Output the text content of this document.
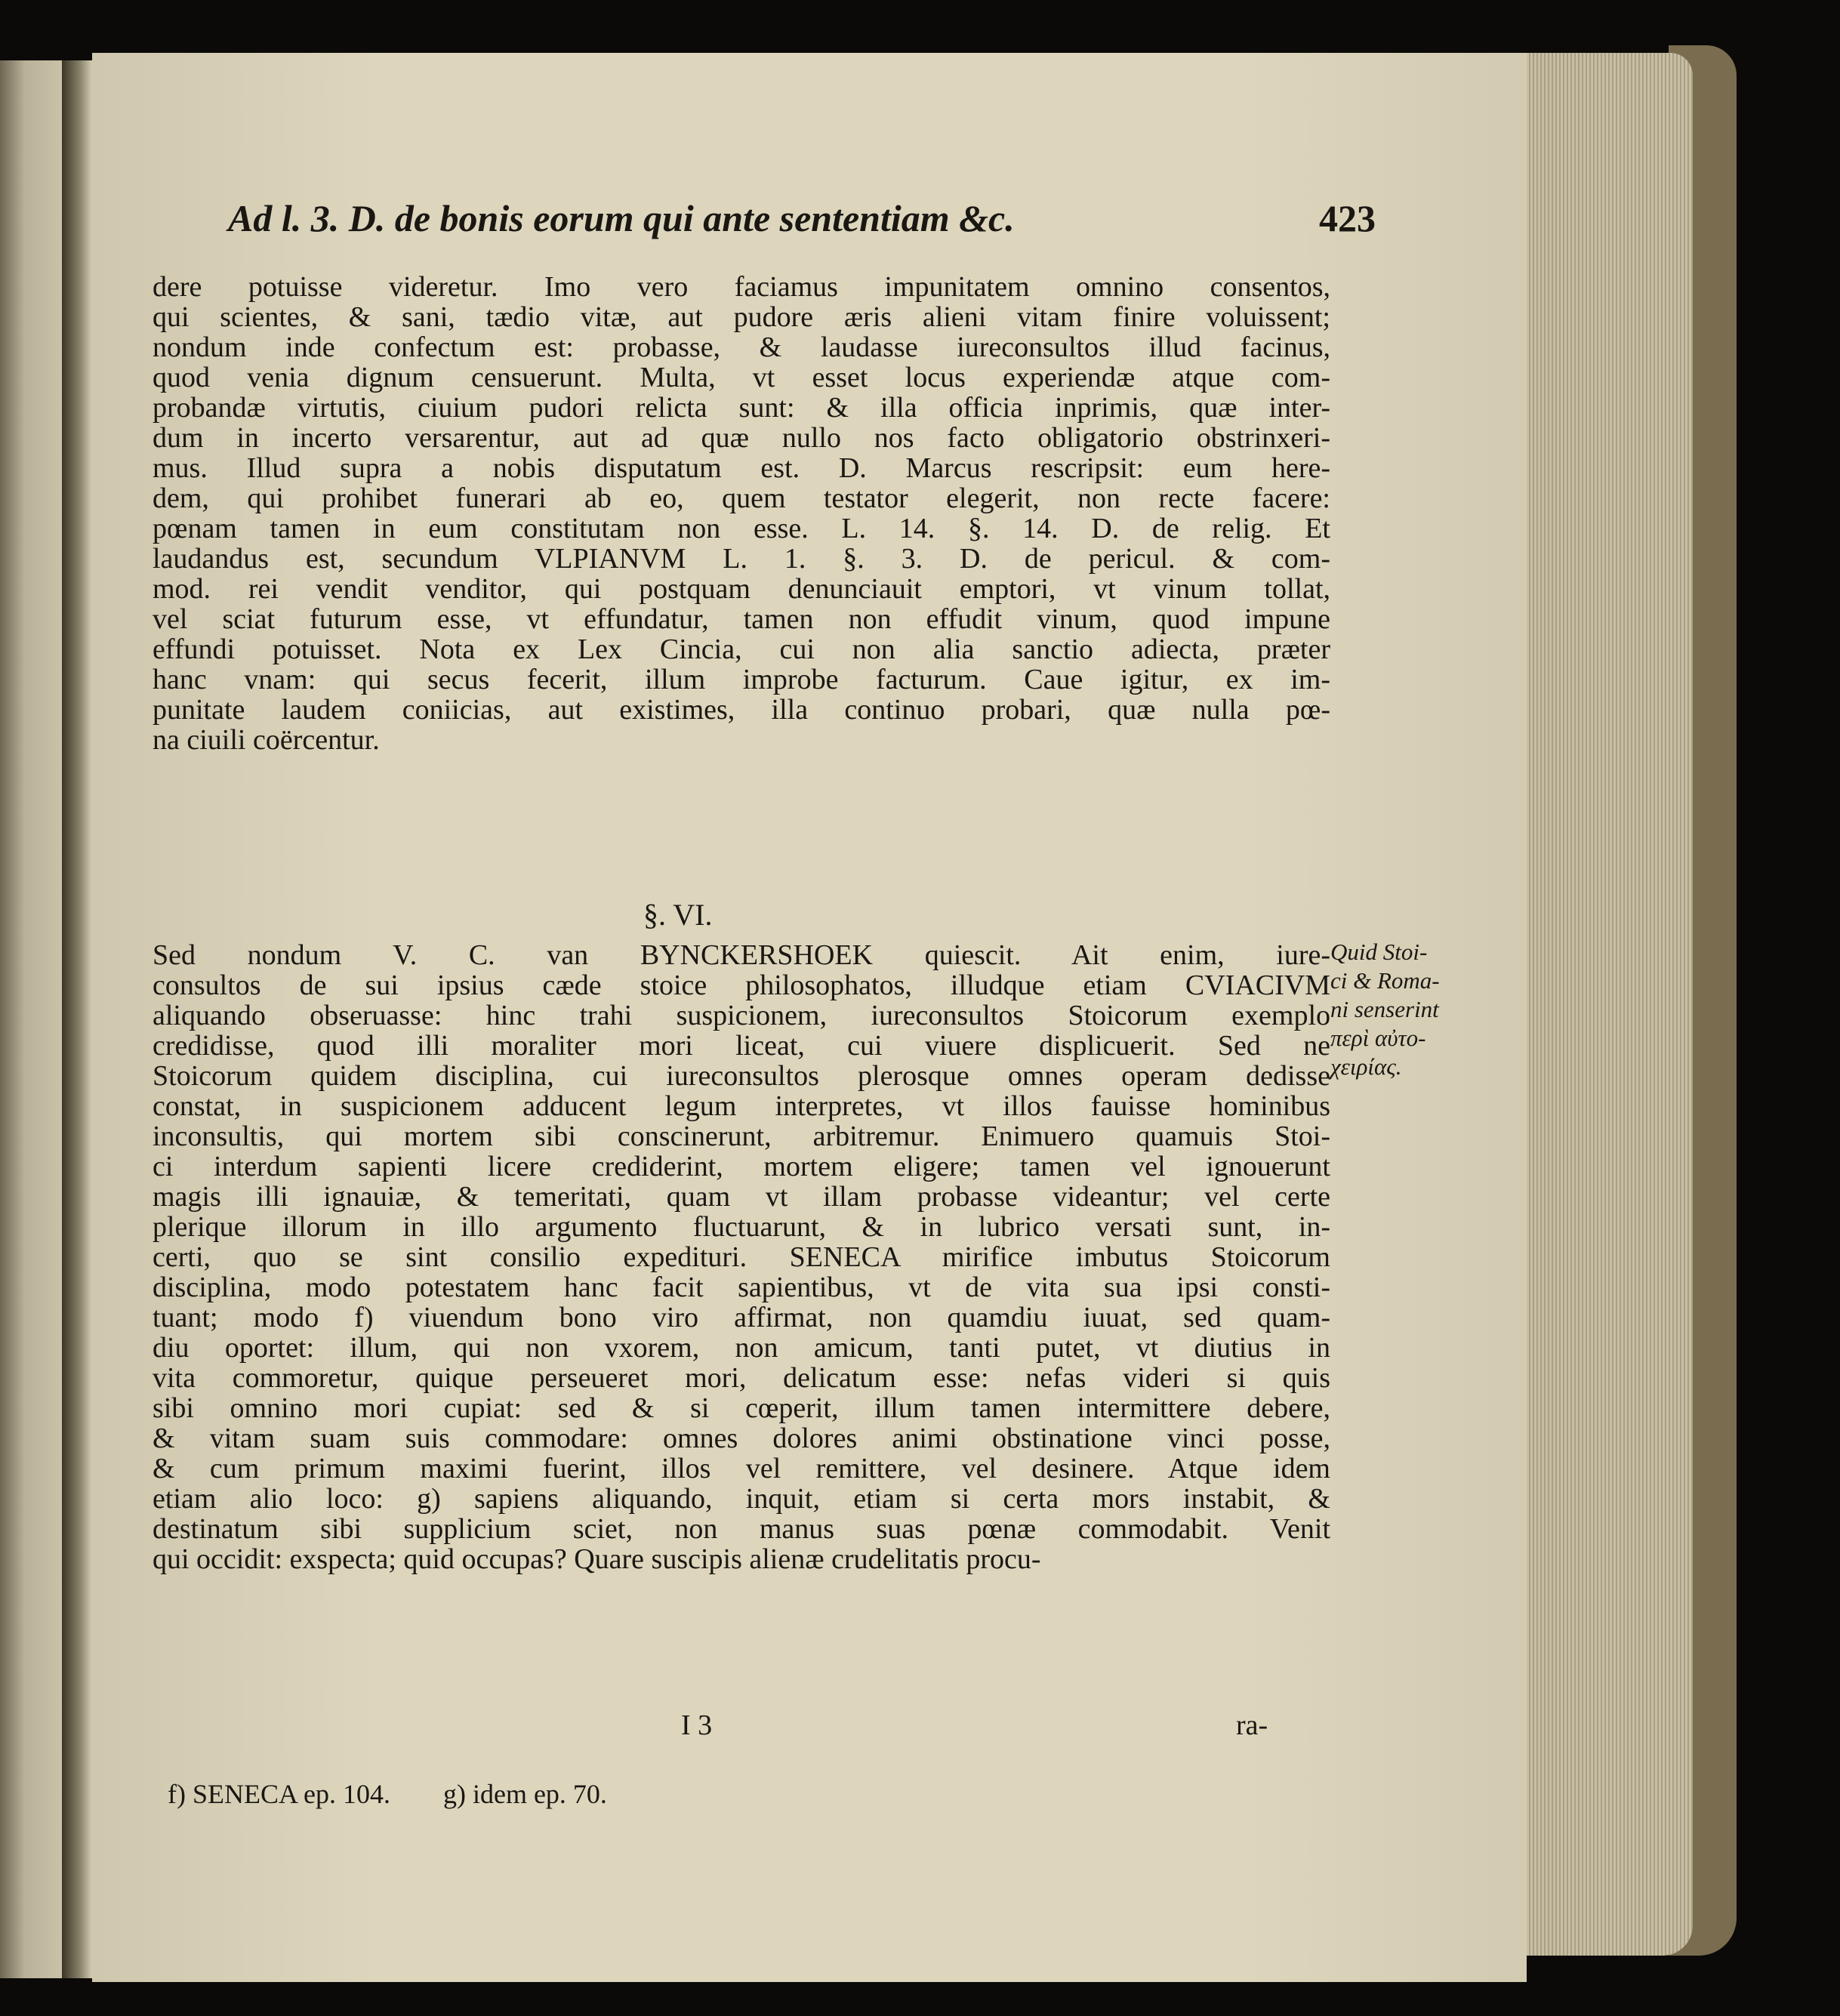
Ad l. 3. D. de bonis eorum qui ante sententiam &c.	423
dere potuisse videretur. Imo vero faciamus impunitatem omnino consentos,
qui scientes, & sani, tædio vitæ, aut pudore æris alieni vitam finire voluissent;
nondum inde confectum est: probasse, & laudasse iureconsultos illud facinus,
quod venia dignum censuerunt. Multa, vt esset locus experiendæ atque com-
probandæ virtutis, ciuium pudori relicta sunt: & illa officia inprimis, quæ inter-
dum in incerto versarentur, aut ad quæ nullo nos facto obligatorio obstrinxeri-
mus. Illud supra a nobis disputatum est. D. Marcus rescripsit: eum here-
dem, qui prohibet funerari ab eo, quem testator elegerit, non recte facere:
pœnam tamen in eum constitutam non esse. L. 14. §. 14. D. de relig. Et
laudandus est, secundum VLPIANVM L. 1. §. 3. D. de pericul. & com-
mod. rei vendit venditor, qui postquam denunciauit emptori, vt vinum tollat,
vel sciat futurum esse, vt effundatur, tamen non effudit vinum, quod impune
effundi potuisset. Nota ex Lex Cincia, cui non alia sanctio adiecta, præter
hanc vnam: qui secus fecerit, illum improbe facturum. Caue igitur, ex im-
punitate laudem coniicias, aut existimes, illa continuo probari, quæ nulla pœ-
na ciuili coërcentur.
§. VI.
Sed nondum V. C. van BYNCKERSHOEK quiescit. Ait enim, iure-
consultos de sui ipsius cæde stoice philosophatos, illudque etiam CVIACIVM
aliquando obseruasse: hinc trahi suspicionem, iureconsultos Stoicorum exemplo
credidisse, quod illi moraliter mori liceat, cui viuere displicuerit. Sed ne
Stoicorum quidem disciplina, cui iureconsultos plerosque omnes operam dedisse
constat, in suspicionem adducent legum interpretes, vt illos fauisse hominibus
inconsultis, qui mortem sibi conscinerunt, arbitremur. Enimuero quamuis Stoi-
ci interdum sapienti licere crediderint, mortem eligere; tamen vel ignouerunt
magis illi ignauiæ, & temeritati, quam vt illam probasse videantur; vel certe
plerique illorum in illo argumento fluctuarunt, & in lubrico versati sunt, in-
certi, quo se sint consilio expedituri. SENECA mirifice imbutus Stoicorum
disciplina, modo potestatem hanc facit sapientibus, vt de vita sua ipsi consti-
tuant; modo f) viuendum bono viro affirmat, non quamdiu iuuat, sed quam-
diu oportet: illum, qui non vxorem, non amicum, tanti putet, vt diutius in
vita commoretur, quique perseueret mori, delicatum esse: nefas videri si quis
sibi omnino mori cupiat: sed & si cœperit, illum tamen intermittere debere,
& vitam suam suis commodare: omnes dolores animi obstinatione vinci posse,
& cum primum maximi fuerint, illos vel remittere, vel desinere. Atque idem
etiam alio loco: g) sapiens aliquando, inquit, etiam si certa mors instabit, &
destinatum sibi supplicium sciet, non manus suas pœnæ commodabit. Venit
qui occidit: exspecta; quid occupas? Quare suscipis alienæ crudelitatis procu-
Quid Stoi-
ci & Roma-
ni senserint
περὶ αὐτο-
χειρίας.
I 3	ra-
f) SENECA ep. 104. g) idem ep. 70.
